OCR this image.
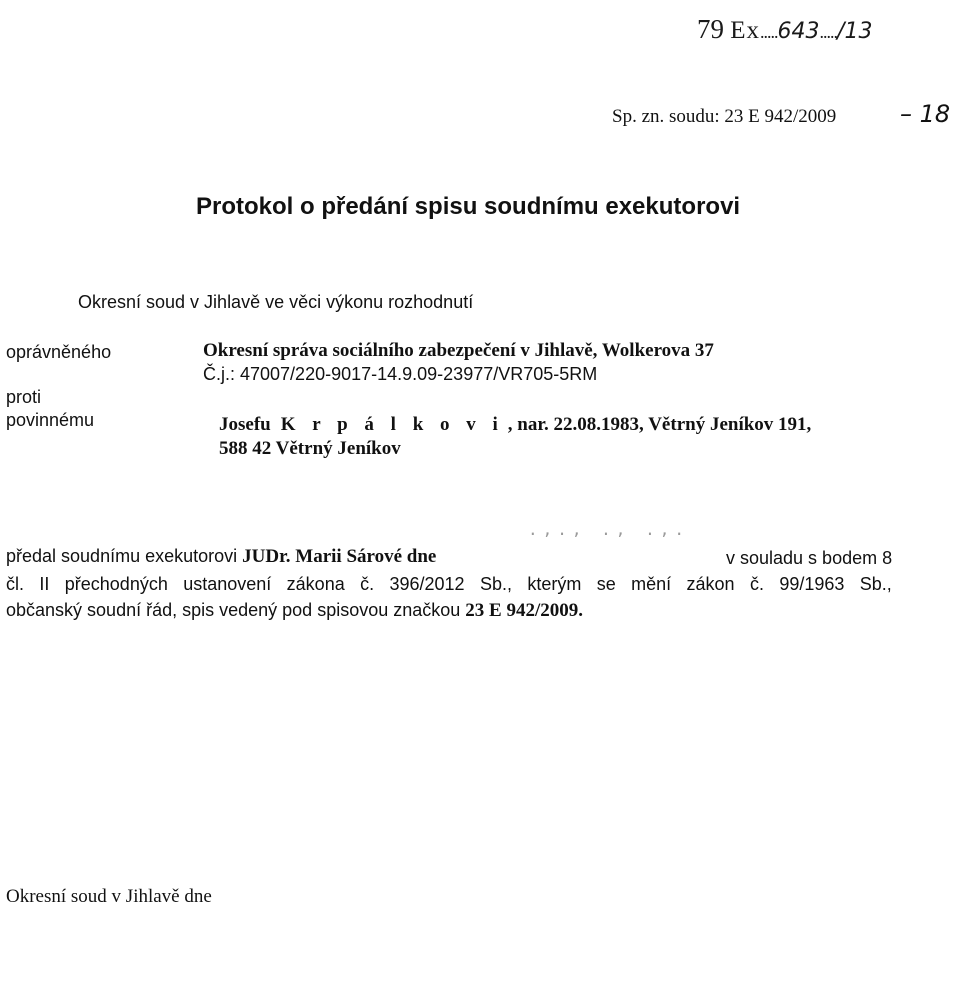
79 Ex.....643...../13
Sp. zn. soudu: 23 E 942/2009	– 18
Protokol o předání spisu soudnímu exekutorovi
Okresní soud v Jihlavě ve věci výkonu rozhodnutí
oprávněného
proti
povinnému
Okresní správa sociálního zabezpečení v Jihlavě, Wolkerova 37
Č.j.: 47007/220-9017-14.9.09-23977/VR705-5RM
Josefu K r p á l k o v i , nar. 22.08.1983, Větrný Jeníkov 191,
588 42 Větrný Jeníkov
.,., ., .,.
předal soudnímu exekutorovi JUDr. Marii Sárové dne	v souladu s bodem 8
čl. II přechodných ustanovení zákona č. 396/2012 Sb., kterým se mění zákon č. 99/1963 Sb.,
občanský soudní řád, spis vedený pod spisovou značkou 23 E 942/2009.
Okresní soud v Jihlavě dne
